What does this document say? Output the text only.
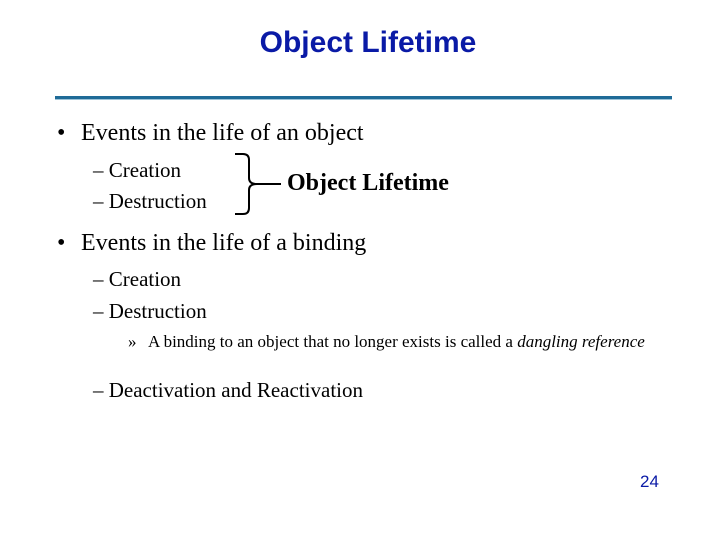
Object Lifetime
• Events in the life of an object
– Creation
– Destruction
Object Lifetime
• Events in the life of a binding
– Creation
– Destruction
» A binding to an object that no longer exists is called a dangling reference
– Deactivation and Reactivation
24
